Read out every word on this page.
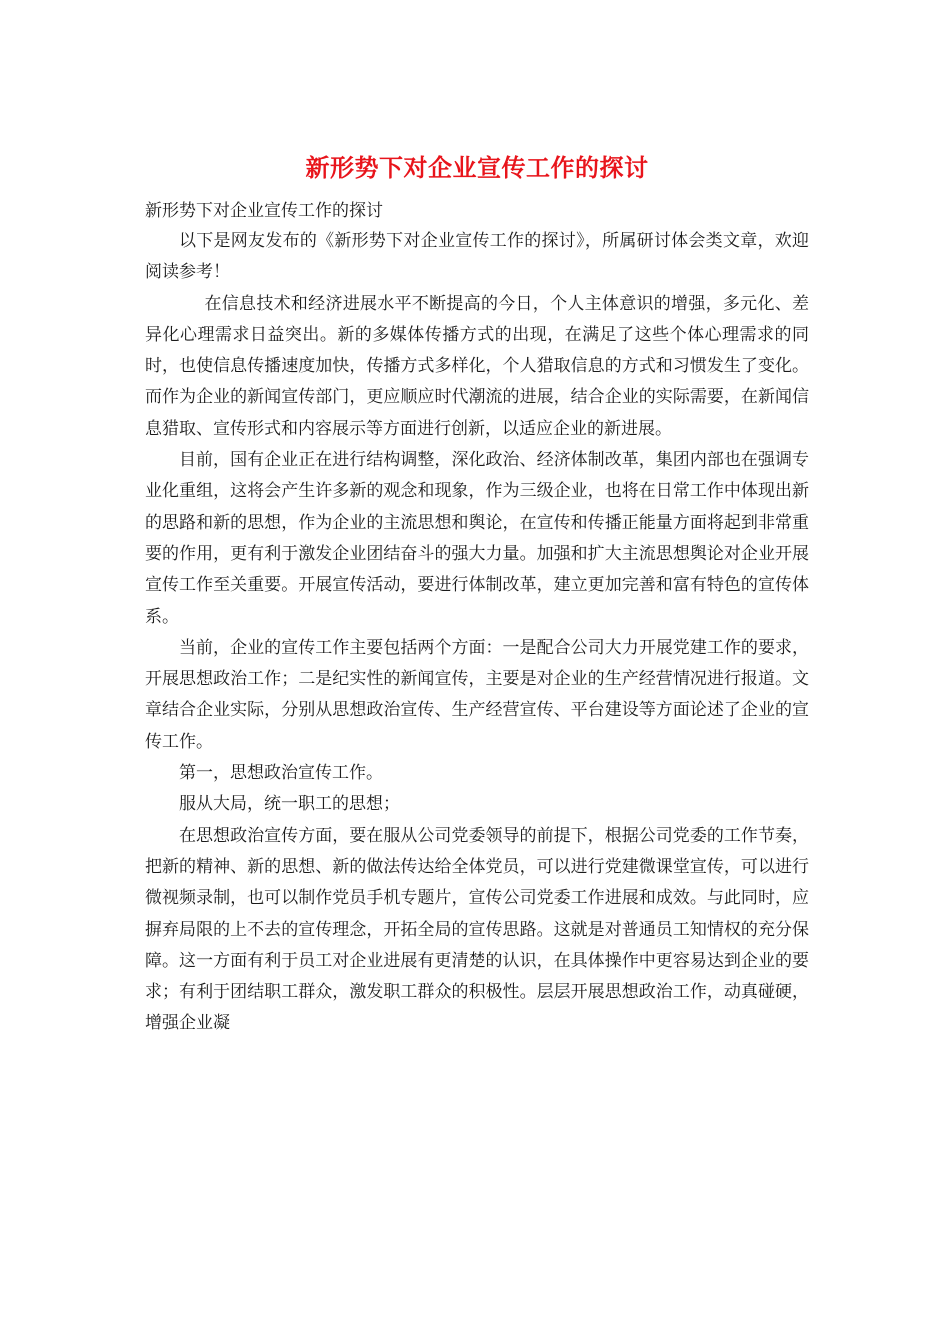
新形势下对企业宣传工作的探讨

新形势下对企业宣传工作的探讨

以下是网友发布的《新形势下对企业宣传工作的探讨》，所属研讨体会类文章，欢迎阅读参考！

在信息技术和经济进展水平不断提高的今日，个人主体意识的增强，多元化、差异化心理需求日益突出。新的多媒体传播方式的出现，在满足了这些个体心理需求的同时，也使信息传播速度加快，传播方式多样化，个人猎取信息的方式和习惯发生了变化。而作为企业的新闻宣传部门，更应顺应时代潮流的进展，结合企业的实际需要，在新闻信息猎取、宣传形式和内容展示等方面进行创新，以适应企业的新进展。

目前，国有企业正在进行结构调整，深化政治、经济体制改革，集团内部也在强调专业化重组，这将会产生许多新的观念和现象，作为三级企业，也将在日常工作中体现出新的思路和新的思想，作为企业的主流思想和舆论，在宣传和传播正能量方面将起到非常重要的作用，更有利于激发企业团结奋斗的强大力量。加强和扩大主流思想舆论对企业开展宣传工作至关重要。开展宣传活动，要进行体制改革，建立更加完善和富有特色的宣传体系。

当前，企业的宣传工作主要包括两个方面：一是配合公司大力开展党建工作的要求，开展思想政治工作；二是纪实性的新闻宣传，主要是对企业的生产经营情况进行报道。文章结合企业实际，分别从思想政治宣传、生产经营宣传、平台建设等方面论述了企业的宣传工作。

第一，思想政治宣传工作。

服从大局，统一职工的思想；

在思想政治宣传方面，要在服从公司党委领导的前提下，根据公司党委的工作节奏，把新的精神、新的思想、新的做法传达给全体党员，可以进行党建微课堂宣传，可以进行微视频录制，也可以制作党员手机专题片，宣传公司党委工作进展和成效。与此同时，应摒弃局限的上不去的宣传理念，开拓全局的宣传思路。这就是对普通员工知情权的充分保障。这一方面有利于员工对企业进展有更清楚的认识，在具体操作中更容易达到企业的要求；有利于团结职工群众，激发职工群众的积极性。层层开展思想政治工作，动真碰硬，增强企业凝
